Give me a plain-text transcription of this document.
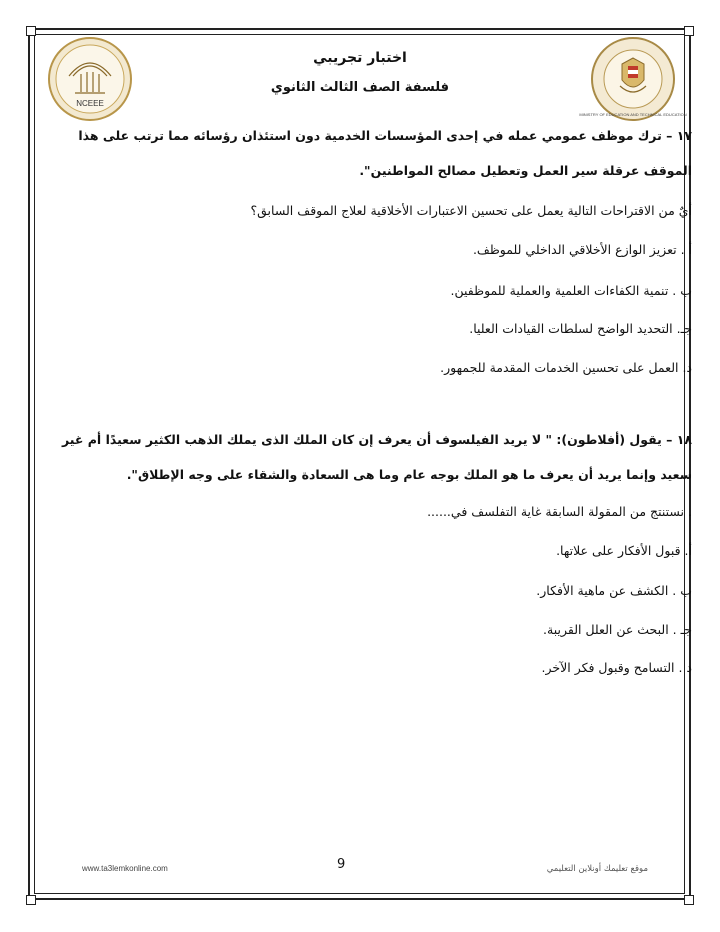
NCEEE
MINISTRY OF EDUCATION AND TECHNICAL EDUCATION
اختبار تجريبي
فلسفة الصف الثالث الثانوي
١٧ – ترك موظف عمومي عمله في إحدى المؤسسات الخدمية دون استئذان رؤسائه مما ترتب على هذا
الموقف عرقلة سير العمل وتعطيل مصالح المواطنين".
أيٌ من الاقتراحات التالية يعمل على تحسين الاعتبارات الأخلاقية لعلاج الموقف السابق؟
أ . تعزيز الوازع الأخلاقي الداخلي للموظف.
ب . تنمية الكفاءات العلمية والعملية للموظفين.
جـ. التحديد الواضح لسلطات القيادات العليا.
د. العمل على تحسين الخدمات المقدمة للجمهور.
١٨ – يقول (أفلاطون): " لا يريد الفيلسوف أن يعرف إن كان الملك الذى يملك الذهب الكثير سعيدًا أم غير
سعيد وإنما يريد أن يعرف ما هو الملك بوجه عام وما هى السعادة والشقاء على وجه الإطلاق".
. نستنتج من المقولة السابقة غاية التفلسف في......
أ. قبول الأفكار على علاتها.
ب . الكشف عن ماهية الأفكار.
جـ . البحث عن العلل القريبة.
د . التسامح وقبول فكر الآخر.
www.ta3lemkonline.com	9	موقع تعليمك أونلاين التعليمي
